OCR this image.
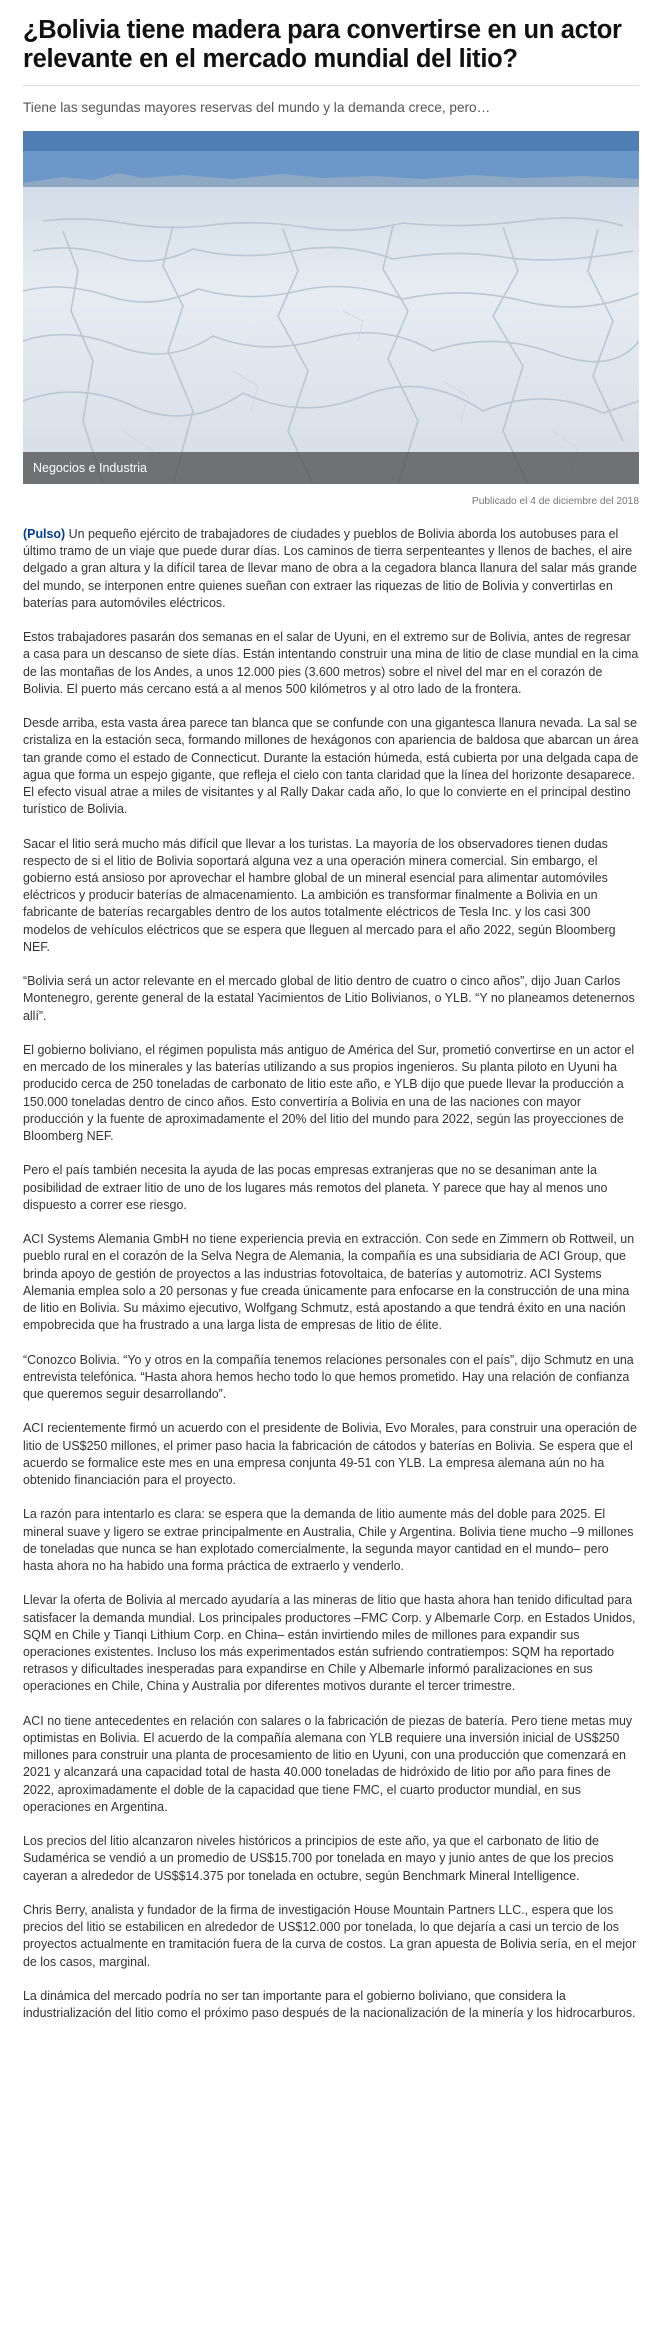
¿Bolivia tiene madera para convertirse en un actor relevante en el mercado mundial del litio?

Tiene las segundas mayores reservas del mundo y la demanda crece, pero…

Negocios e Industria
Publicado el 4 de diciembre del 2018

(Pulso) Un pequeño ejército de trabajadores de ciudades y pueblos de Bolivia aborda los autobuses para el último tramo de un viaje que puede durar días. Los caminos de tierra serpenteantes y llenos de baches, el aire delgado a gran altura y la difícil tarea de llevar mano de obra a la cegadora blanca llanura del salar más grande del mundo, se interponen entre quienes sueñan con extraer las riquezas de litio de Bolivia y convertirlas en baterías para automóviles eléctricos.

Estos trabajadores pasarán dos semanas en el salar de Uyuni, en el extremo sur de Bolivia, antes de regresar a casa para un descanso de siete días. Están intentando construir una mina de litio de clase mundial en la cima de las montañas de los Andes, a unos 12.000 pies (3.600 metros) sobre el nivel del mar en el corazón de Bolivia. El puerto más cercano está a al menos 500 kilómetros y al otro lado de la frontera.

Desde arriba, esta vasta área parece tan blanca que se confunde con una gigantesca llanura nevada. La sal se cristaliza en la estación seca, formando millones de hexágonos con apariencia de baldosa que abarcan un área tan grande como el estado de Connecticut. Durante la estación húmeda, está cubierta por una delgada capa de agua que forma un espejo gigante, que refleja el cielo con tanta claridad que la línea del horizonte desaparece. El efecto visual atrae a miles de visitantes y al Rally Dakar cada año, lo que lo convierte en el principal destino turístico de Bolivia.

Sacar el litio será mucho más difícil que llevar a los turistas. La mayoría de los observadores tienen dudas respecto de si el litio de Bolivia soportará alguna vez a una operación minera comercial. Sin embargo, el gobierno está ansioso por aprovechar el hambre global de un mineral esencial para alimentar automóviles eléctricos y producir baterías de almacenamiento. La ambición es transformar finalmente a Bolivia en un fabricante de baterías recargables dentro de los autos totalmente eléctricos de Tesla Inc. y los casi 300 modelos de vehículos eléctricos que se espera que lleguen al mercado para el año 2022, según Bloomberg NEF.

“Bolivia será un actor relevante en el mercado global de litio dentro de cuatro o cinco años”, dijo Juan Carlos Montenegro, gerente general de la estatal Yacimientos de Litio Bolivianos, o YLB. “Y no planeamos detenernos allí”.

El gobierno boliviano, el régimen populista más antiguo de América del Sur, prometió convertirse en un actor el en mercado de los minerales y las baterías utilizando a sus propios ingenieros. Su planta piloto en Uyuni ha producido cerca de 250 toneladas de carbonato de litio este año, e YLB dijo que puede llevar la producción a 150.000 toneladas dentro de cinco años. Esto convertiría a Bolivia en una de las naciones con mayor producción y la fuente de aproximadamente el 20% del litio del mundo para 2022, según las proyecciones de Bloomberg NEF.

Pero el país también necesita la ayuda de las pocas empresas extranjeras que no se desaniman ante la posibilidad de extraer litio de uno de los lugares más remotos del planeta. Y parece que hay al menos uno dispuesto a correr ese riesgo.

ACI Systems Alemania GmbH no tiene experiencia previa en extracción. Con sede en Zimmern ob Rottweil, un pueblo rural en el corazón de la Selva Negra de Alemania, la compañía es una subsidiaria de ACI Group, que brinda apoyo de gestión de proyectos a las industrias fotovoltaica, de baterías y automotriz. ACI Systems Alemania emplea solo a 20 personas y fue creada únicamente para enfocarse en la construcción de una mina de litio en Bolivia. Su máximo ejecutivo, Wolfgang Schmutz, está apostando a que tendrá éxito en una nación empobrecida que ha frustrado a una larga lista de empresas de litio de élite.

“Conozco Bolivia. “Yo y otros en la compañía tenemos relaciones personales con el país”, dijo Schmutz en una entrevista telefónica. “Hasta ahora hemos hecho todo lo que hemos prometido. Hay una relación de confianza que queremos seguir desarrollando”.

ACI recientemente firmó un acuerdo con el presidente de Bolivia, Evo Morales, para construir una operación de litio de US$250 millones, el primer paso hacia la fabricación de cátodos y baterías en Bolivia. Se espera que el acuerdo se formalice este mes en una empresa conjunta 49-51 con YLB. La empresa alemana aún no ha obtenido financiación para el proyecto.

La razón para intentarlo es clara: se espera que la demanda de litio aumente más del doble para 2025. El mineral suave y ligero se extrae principalmente en Australia, Chile y Argentina. Bolivia tiene mucho –9 millones de toneladas que nunca se han explotado comercialmente, la segunda mayor cantidad en el mundo– pero hasta ahora no ha habido una forma práctica de extraerlo y venderlo.

Llevar la oferta de Bolivia al mercado ayudaría a las mineras de litio que hasta ahora han tenido dificultad para satisfacer la demanda mundial. Los principales productores –FMC Corp. y Albemarle Corp. en Estados Unidos, SQM en Chile y Tianqi Lithium Corp. en China– están invirtiendo miles de millones para expandir sus operaciones existentes. Incluso los más experimentados están sufriendo contratiempos: SQM ha reportado retrasos y dificultades inesperadas para expandirse en Chile y Albemarle informó paralizaciones en sus operaciones en Chile, China y Australia por diferentes motivos durante el tercer trimestre.

ACI no tiene antecedentes en relación con salares o la fabricación de piezas de batería. Pero tiene metas muy optimistas en Bolivia. El acuerdo de la compañía alemana con YLB requiere una inversión inicial de US$250 millones para construir una planta de procesamiento de litio en Uyuni, con una producción que comenzará en 2021 y alcanzará una capacidad total de hasta 40.000 toneladas de hidróxido de litio por año para fines de 2022, aproximadamente el doble de la capacidad que tiene FMC, el cuarto productor mundial, en sus operaciones en Argentina.

Los precios del litio alcanzaron niveles históricos a principios de este año, ya que el carbonato de litio de Sudamérica se vendió a un promedio de US$15.700 por tonelada en mayo y junio antes de que los precios cayeran a alrededor de US$$14.375 por tonelada en octubre, según Benchmark Mineral Intelligence.

Chris Berry, analista y fundador de la firma de investigación House Mountain Partners LLC., espera que los precios del litio se estabilicen en alrededor de US$12.000 por tonelada, lo que dejaría a casi un tercio de los proyectos actualmente en tramitación fuera de la curva de costos. La gran apuesta de Bolivia sería, en el mejor de los casos, marginal.

La dinámica del mercado podría no ser tan importante para el gobierno boliviano, que considera la industrialización del litio como el próximo paso después de la nacionalización de la minería y los hidrocarburos.
